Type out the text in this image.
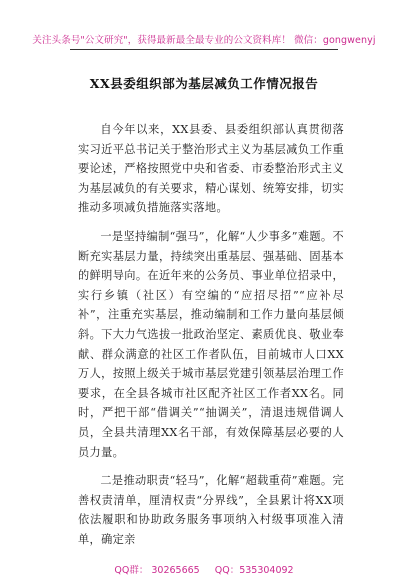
关注头条号"公文研究"，获得最新最全最专业的公文资料库！ 微信：gongwenyj
XX县委组织部为基层减负工作情况报告

自今年以来，XX县委、县委组织部认真贯彻落实习近平总书记关于整治形式主义为基层减负工作重要论述，严格按照党中央和省委、市委整治形式主义为基层减负的有关要求，精心谋划、统筹安排，切实推动多项减负措施落实落地。

一是坚持编制“强马”，化解“人少事多”难题。不断充实基层力量，持续突出重基层、强基础、固基本的鲜明导向。在近年来的公务员、事业单位招录中，实行乡镇（社区）有空编的“应招尽招”“应补尽补”，注重充实基层，推动编制和工作力量向基层倾斜。下大力气选拔一批政治坚定、素质优良、敬业奉献、群众满意的社区工作者队伍，目前城市人口XX万人，按照上级关于城市基层党建引领基层治理工作要求，在全县各城市社区配齐社区工作者XX名。同时，严把干部“借调关”“抽调关”，清退违规借调人员，全县共清理XX名干部，有效保障基层必要的人员力量。

二是推动职责“轻马”，化解“超载重荷”难题。完善权责清单，厘清权责“分界线”，全县累计将XX项依法履职和协助政务服务事项纳入村级事项准入清单，确定亲

QQ群： 30265665 QQ：535304092
